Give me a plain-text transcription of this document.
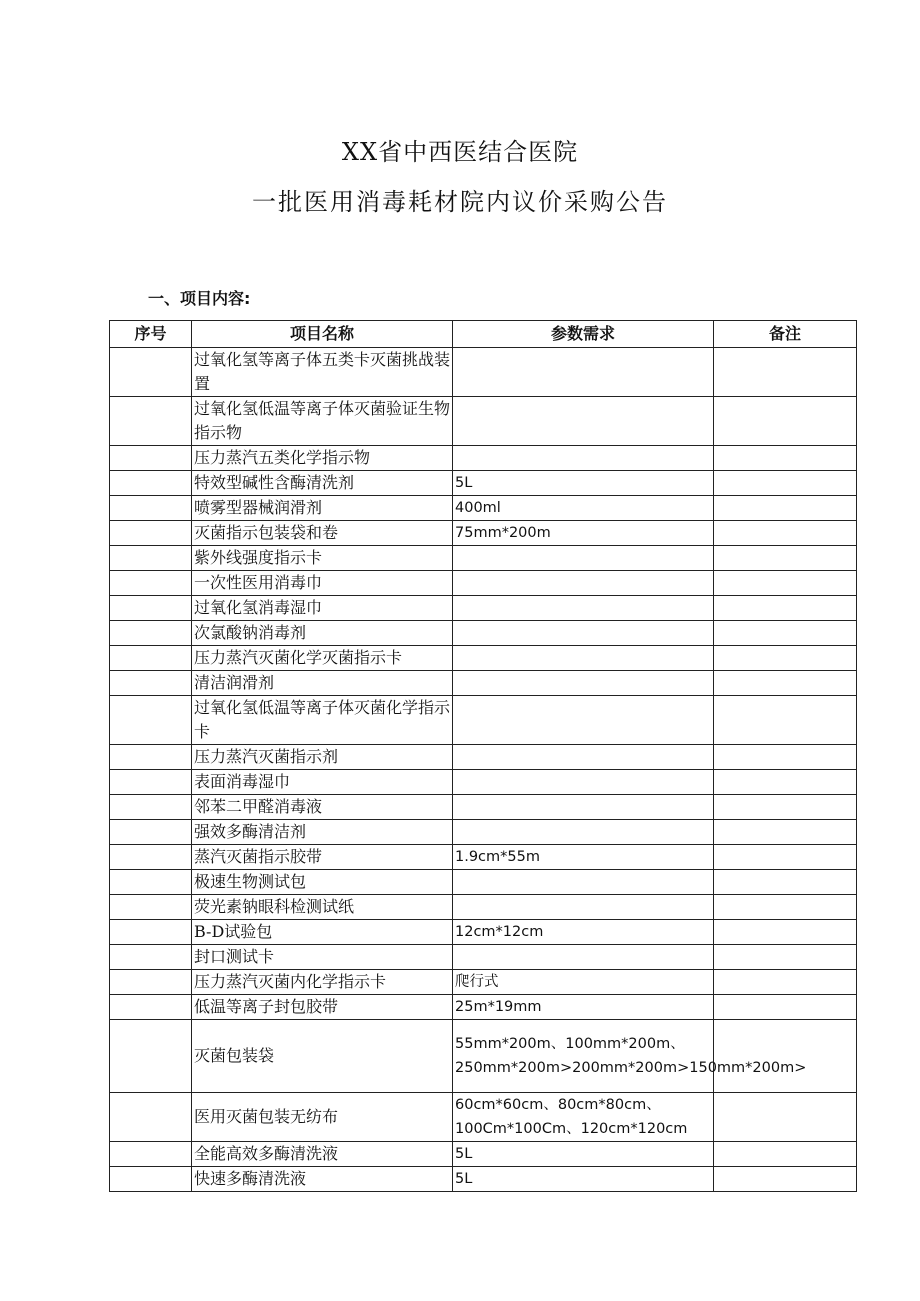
XX省中西医结合医院
一批医用消毒耗材院内议价采购公告
一、项目内容:
序号	项目名称	参数需求	备注
	过氧化氢等离子体五类卡灭菌挑战装置		
	过氧化氢低温等离子体灭菌验证生物指示物		
	压力蒸汽五类化学指示物		
	特效型碱性含酶清洗剂	5L	
	喷雾型器械润滑剂	400ml	
	灭菌指示包装袋和卷	75mm*200m	
	紫外线强度指示卡		
	一次性医用消毒巾		
	过氧化氢消毒湿巾		
	次氯酸钠消毒剂		
	压力蒸汽灭菌化学灭菌指示卡		
	清洁润滑剂		
	过氧化氢低温等离子体灭菌化学指示卡		
	压力蒸汽灭菌指示剂		
	表面消毒湿巾		
	邻苯二甲醛消毒液		
	强效多酶清洁剂		
	蒸汽灭菌指示胶带	1.9cm*55m	
	极速生物测试包		
	荧光素钠眼科检测试纸		
	B-D试验包	12cm*12cm	
	封口测试卡		
	压力蒸汽灭菌内化学指示卡	爬行式	
	低温等离子封包胶带	25m*19mm	
	灭菌包装袋	55mm*200m、100mm*200m、250mm*200m>200mm*200m>150mm*200m>	
	医用灭菌包装无纺布	60cm*60cm、80cm*80cm、100Cm*100Cm、120cm*120cm	
	全能高效多酶清洗液	5L	
	快速多酶清洗液	5L	
